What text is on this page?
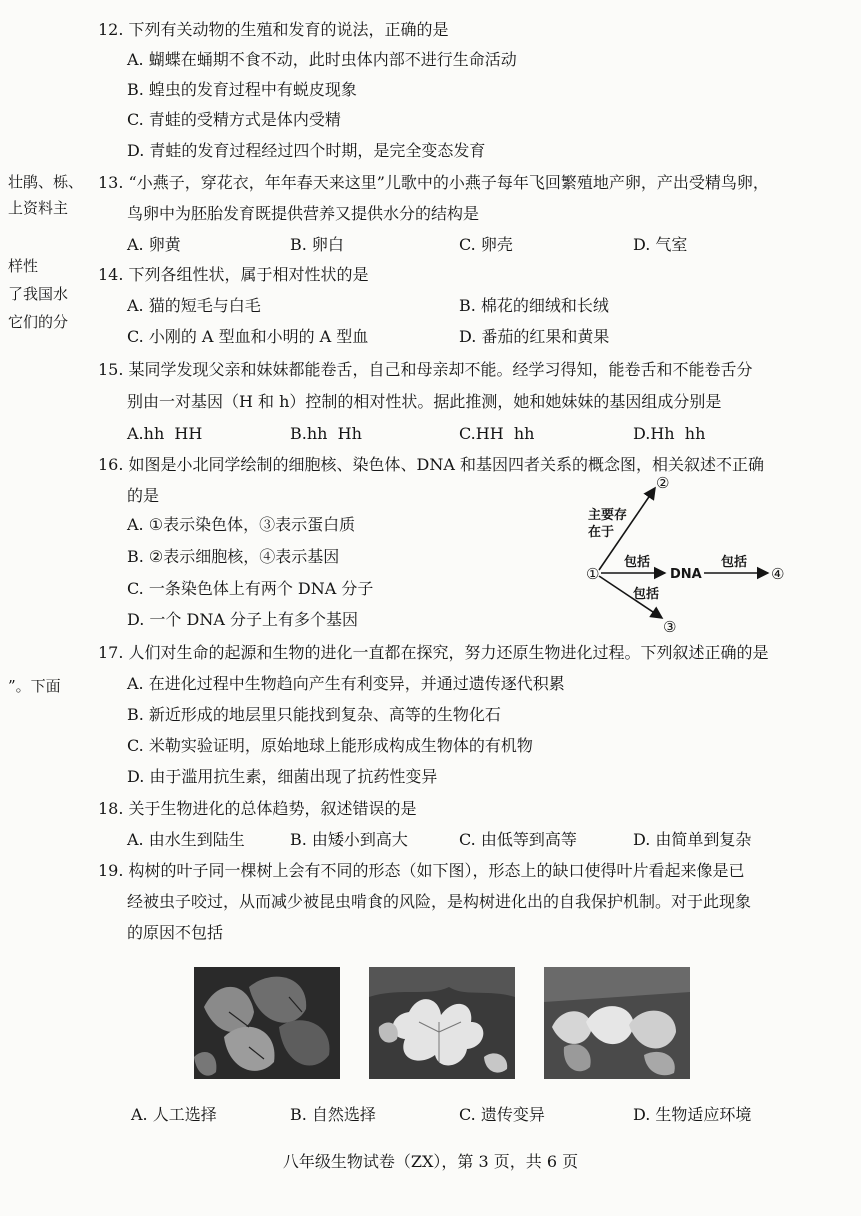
壮鹃、栎、
上资料主
样性
了我国水
它们的分
”。下面
12. 下列有关动物的生殖和发育的说法，正确的是
A. 蝴蝶在蛹期不食不动，此时虫体内部不进行生命活动
B. 蝗虫的发育过程中有蜕皮现象
C. 青蛙的受精方式是体内受精
D. 青蛙的发育过程经过四个时期，是完全变态发育
13. “小燕子，穿花衣，年年春天来这里”儿歌中的小燕子每年飞回繁殖地产卵，产出受精鸟卵，
鸟卵中为胚胎发育既提供营养又提供水分的结构是
A. 卵黄	B. 卵白	C. 卵壳	D. 气室
14. 下列各组性状，属于相对性状的是
A. 猫的短毛与白毛	B. 棉花的细绒和长绒
C. 小刚的 A 型血和小明的 A 型血	D. 番茄的红果和黄果
15. 某同学发现父亲和妹妹都能卷舌，自己和母亲却不能。经学习得知，能卷舌和不能卷舌分
别由一对基因（H 和 h）控制的相对性状。据此推测，她和她妹妹的基因组成分别是
A.hh  HH	B.hh  Hh	C.HH  hh	D.Hh  hh
16. 如图是小北同学绘制的细胞核、染色体、DNA 和基因四者关系的概念图，相关叙述不正确
的是
A. ①表示染色体，③表示蛋白质
B. ②表示细胞核，④表示基因
C. 一条染色体上有两个 DNA 分子
D. 一个 DNA 分子上有多个基因
①
②
③
④
DNA
主要存
在于
包括
包括
包括
17. 人们对生命的起源和生物的进化一直都在探究，努力还原生物进化过程。下列叙述正确的是
A. 在进化过程中生物趋向产生有利变异，并通过遗传逐代积累
B. 新近形成的地层里只能找到复杂、高等的生物化石
C. 米勒实验证明，原始地球上能形成构成生物体的有机物
D. 由于滥用抗生素，细菌出现了抗药性变异
18. 关于生物进化的总体趋势，叙述错误的是
A. 由水生到陆生	B. 由矮小到高大	C. 由低等到高等	D. 由简单到复杂
19. 构树的叶子同一棵树上会有不同的形态（如下图），形态上的缺口使得叶片看起来像是已
经被虫子咬过，从而减少被昆虫啃食的风险，是构树进化出的自我保护机制。对于此现象
的原因不包括
A. 人工选择	B. 自然选择	C. 遗传变异	D. 生物适应环境
八年级生物试卷（ZX），第 3 页，共 6 页
